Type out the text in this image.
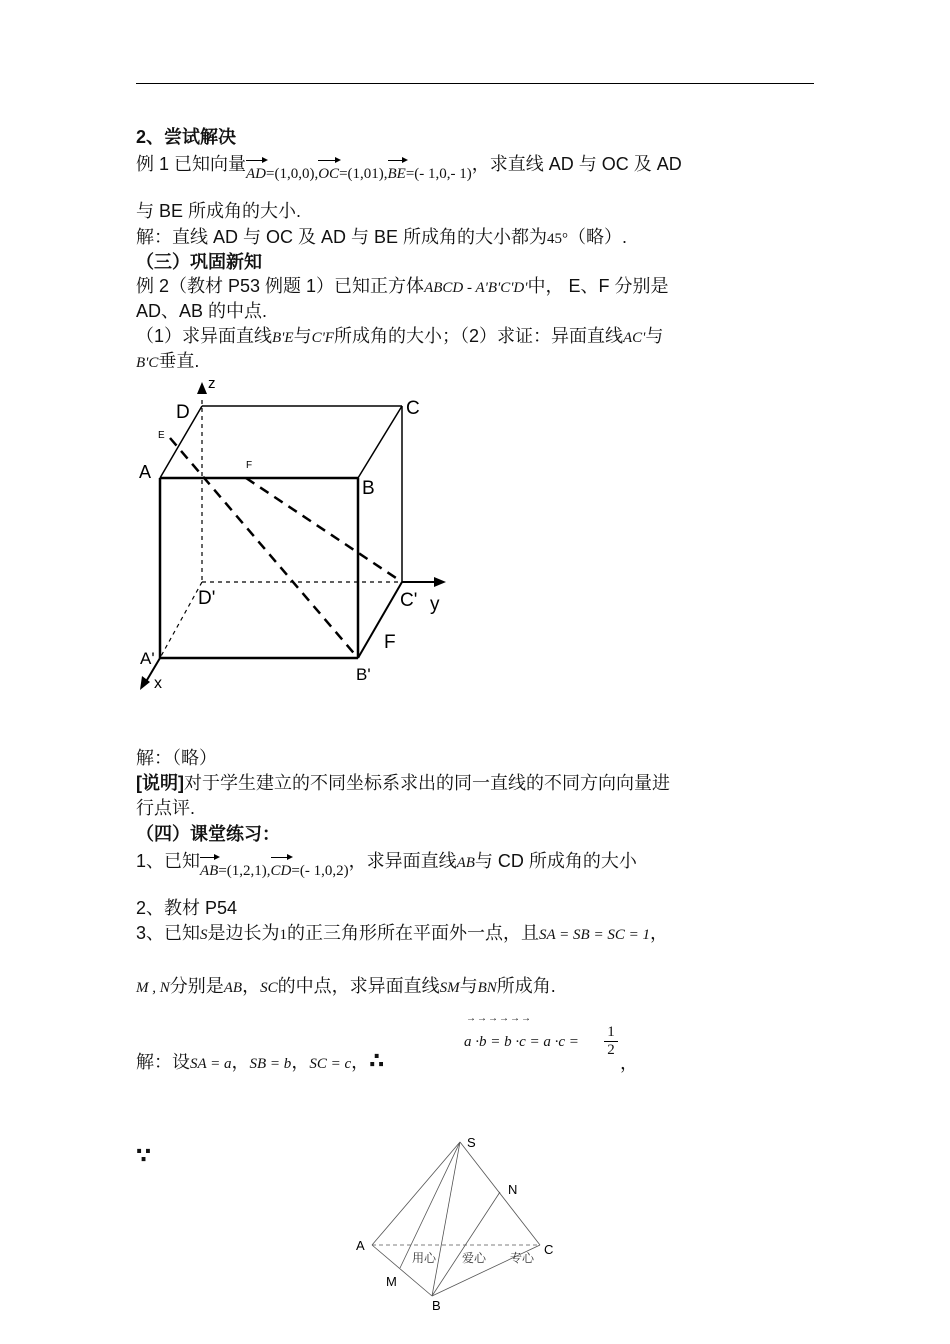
2、尝试解决
例 1 已知向量AD=(1,0,0),OC=(1,01),BE=(- 1,0,- 1)，求直线 AD 与 OC 及 AD
与 BE 所成角的大小.
解：直线 AD 与 OC 及 AD 与 BE 所成角的大小都为45°（略）.
（三）巩固新知
例 2（教材 P53 例题 1）已知正方体ABCD - A'B'C'D'中， E、F 分别是
AD、AB 的中点.
（1）求异面直线B'E与C'F所成角的大小；（2）求证：异面直线AC'与
B'C垂直.
D
z
C
E
A	F
B
D'	C' y
F
A'
B'
x
解：（略）
[说明]对于学生建立的不同坐标系求出的同一直线的不同方向向量进
行点评.
（四）课堂练习：
1、已知AB=(1,2,1),CD=(- 1,0,2)，求异面直线AB与 CD 所成角的大小
2、教材 P54
3、已知S是边长为1的正三角形所在平面外一点，且SA = SB = SC = 1，
M , N分别是AB，SC的中点，求异面直线SM与BN所成角.
解：设SA = a，SB = b，SC = c，∴
→→→→→→
a ·b = b ·c = a ·c =
1
2
，
∵
S
N
A	C
M
B
用心 爱心 专心
